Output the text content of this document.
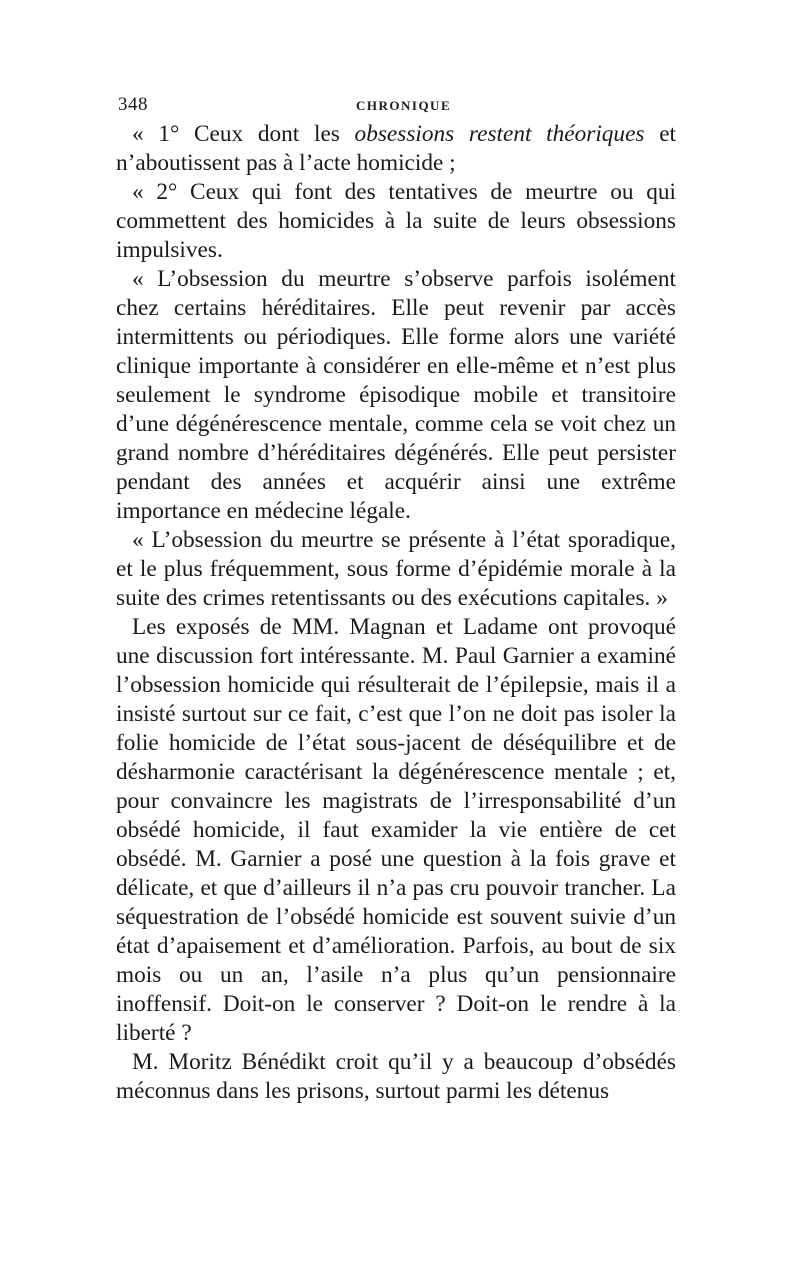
348	CHRONIQUE

« 1° Ceux dont les obsessions restent théoriques et n’aboutissent pas à l’acte homicide ;

« 2° Ceux qui font des tentatives de meurtre ou qui commettent des homicides à la suite de leurs obsessions impulsives.

« L’obsession du meurtre s’observe parfois isolément chez certains héréditaires. Elle peut revenir par accès intermittents ou périodiques. Elle forme alors une variété clinique importante à considérer en elle-même et n’est plus seulement le syndrome épisodique mobile et transitoire d’une dégénérescence mentale, comme cela se voit chez un grand nombre d’héréditaires dégénérés. Elle peut persister pendant des années et acquérir ainsi une extrême importance en médecine légale.

« L’obsession du meurtre se présente à l’état sporadique, et le plus fréquemment, sous forme d’épidémie morale à la suite des crimes retentissants ou des exécutions capitales. »

Les exposés de MM. Magnan et Ladame ont provoqué une discussion fort intéressante. M. Paul Garnier a examiné l’obsession homicide qui résulterait de l’épilepsie, mais il a insisté surtout sur ce fait, c’est que l’on ne doit pas isoler la folie homicide de l’état sous-jacent de déséquilibre et de désharmonie caractérisant la dégénérescence mentale ; et, pour convaincre les magistrats de l’irresponsabilité d’un obsédé homicide, il faut examider la vie entière de cet obsédé. M. Garnier a posé une question à la fois grave et délicate, et que d’ailleurs il n’a pas cru pouvoir trancher. La séquestration de l’obsédé homicide est souvent suivie d’un état d’apaisement et d’amélioration. Parfois, au bout de six mois ou un an, l’asile n’a plus qu’un pensionnaire inoffensif. Doit-on le conserver ? Doit-on le rendre à la liberté ?

M. Moritz Bénédikt croit qu’il y a beaucoup d’obsédés méconnus dans les prisons, surtout parmi les détenus
